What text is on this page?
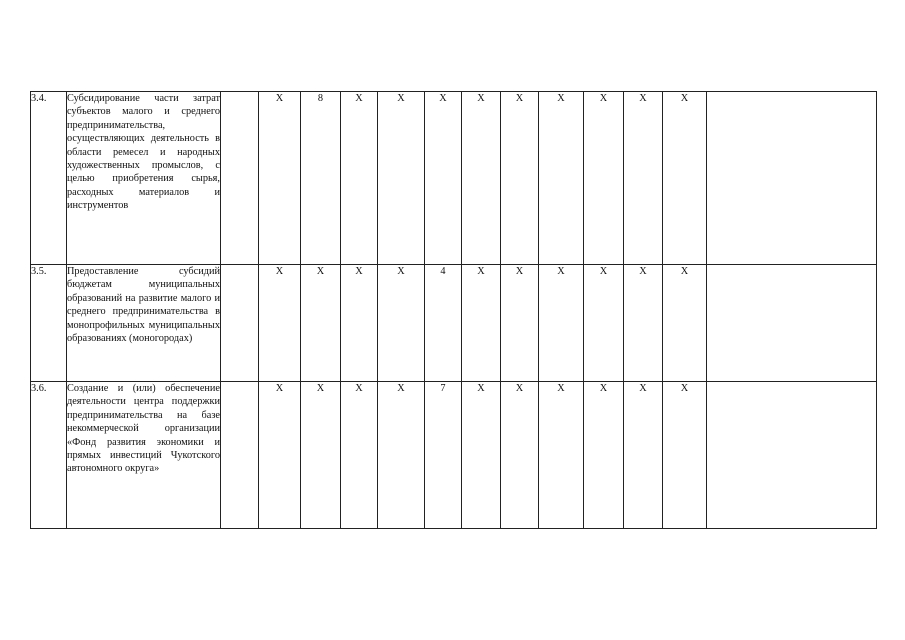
3.4.	Субсидирование части затрат субъектов малого и среднего предпринимательства, осуществляющих деятельность в области ремесел и народных художественных промыслов, с целью приобретения сырья, расходных материалов и инструментов		Х	8	Х	Х	Х	Х	Х	Х	Х	Х	Х	
3.5.	Предоставление субсидий бюджетам муниципальных образований на развитие малого и среднего предпринимательства в монопрофильных муниципальных образованиях (моногородах)		Х	Х	Х	Х	4	Х	Х	Х	Х	Х	Х	
3.6.	Создание и (или) обеспечение деятельности центра поддержки предпринимательства на базе некоммерческой организации «Фонд развития экономики и прямых инвестиций Чукотского автономного округа»		Х	Х	Х	Х	7	Х	Х	Х	Х	Х	Х	
